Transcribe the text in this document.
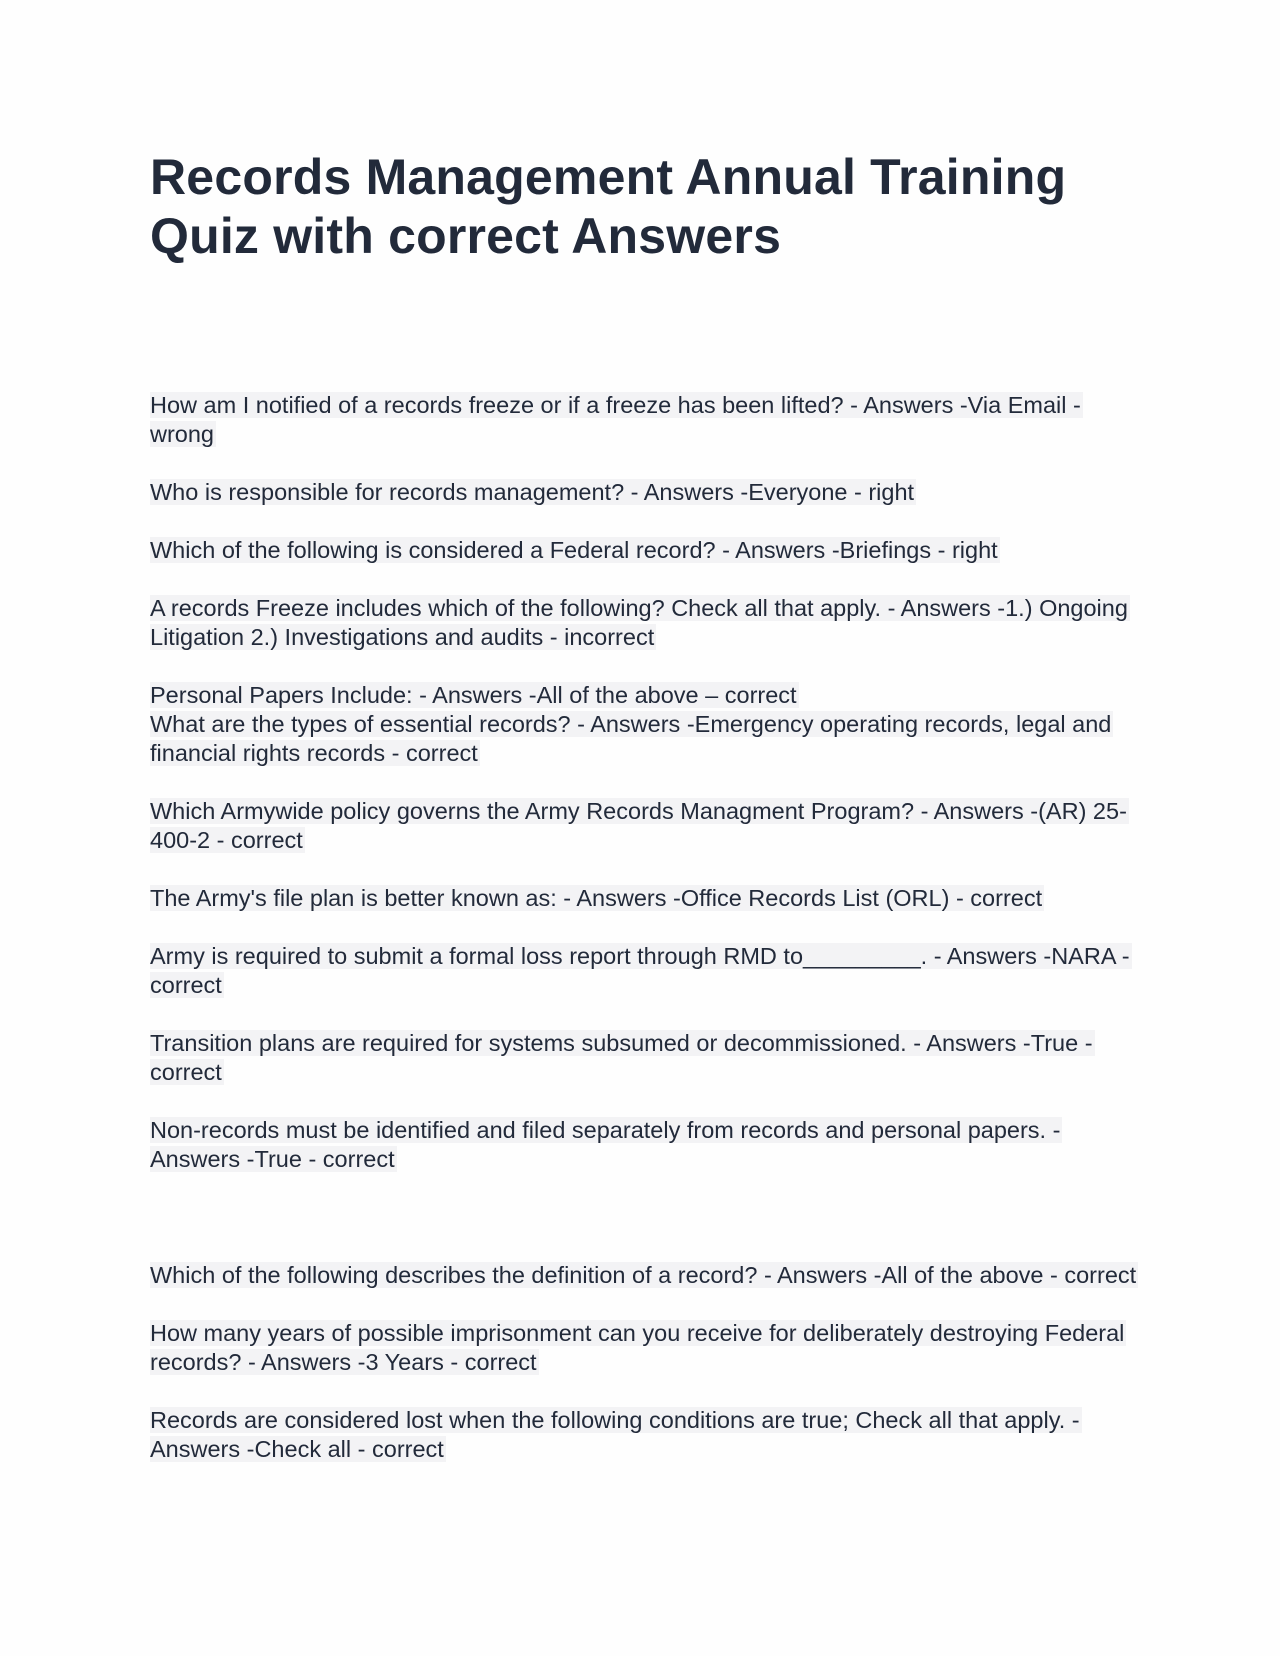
Records Management Annual Training Quiz with correct Answers

How am I notified of a records freeze or if a freeze has been lifted? - Answers -Via Email - wrong

Who is responsible for records management? - Answers -Everyone - right

Which of the following is considered a Federal record? - Answers -Briefings - right

A records Freeze includes which of the following? Check all that apply. - Answers -1.) Ongoing Litigation 2.) Investigations and audits - incorrect

Personal Papers Include: - Answers -All of the above – correct

What are the types of essential records? - Answers -Emergency operating records, legal and financial rights records - correct

Which Armywide policy governs the Army Records Managment Program? - Answers -(AR) 25-400-2 - correct

The Army's file plan is better known as: - Answers -Office Records List (ORL) - correct

Army is required to submit a formal loss report through RMD to_________. - Answers -NARA - correct

Transition plans are required for systems subsumed or decommissioned. - Answers -True - correct

Non-records must be identified and filed separately from records and personal papers. - Answers -True - correct

Which of the following describes the definition of a record? - Answers -All of the above - correct

How many years of possible imprisonment can you receive for deliberately destroying Federal records? - Answers -3 Years - correct

Records are considered lost when the following conditions are true; Check all that apply. - Answers -Check all - correct
